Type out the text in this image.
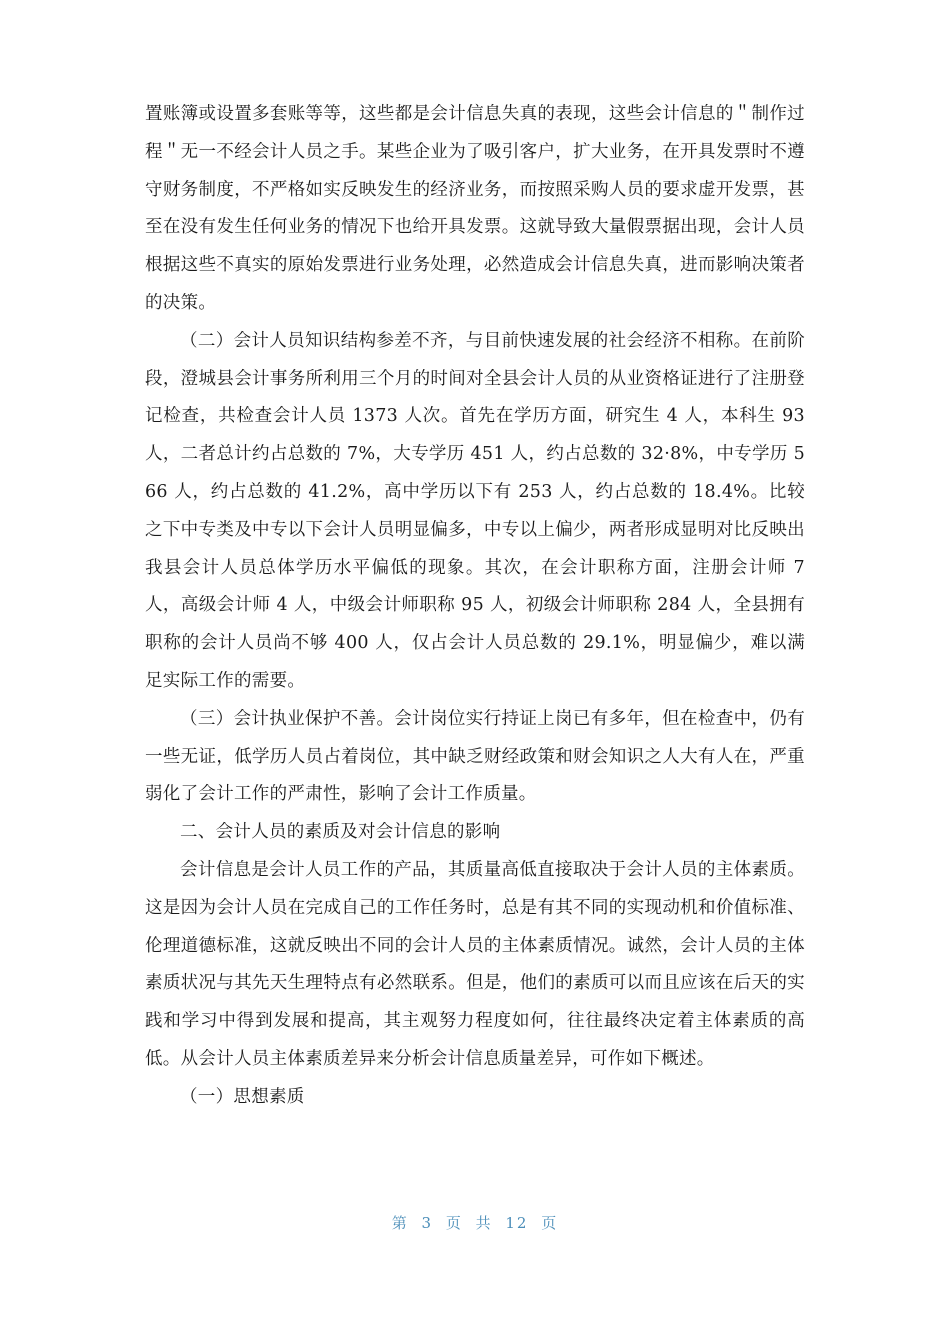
置账簿或设置多套账等等，这些都是会计信息失真的表现，这些会计信息的＂制作过程＂无一不经会计人员之手。某些企业为了吸引客户，扩大业务，在开具发票时不遵守财务制度，不严格如实反映发生的经济业务，而按照采购人员的要求虚开发票，甚至在没有发生任何业务的情况下也给开具发票。这就导致大量假票据出现，会计人员根据这些不真实的原始发票进行业务处理，必然造成会计信息失真，进而影响决策者的决策。

（二）会计人员知识结构参差不齐，与目前快速发展的社会经济不相称。在前阶段，澄城县会计事务所利用三个月的时间对全县会计人员的从业资格证进行了注册登记检查，共检查会计人员 1373 人次。首先在学历方面，研究生 4 人，本科生 93 人，二者总计约占总数的 7%，大专学历 451 人，约占总数的 32·8%，中专学历 566 人，约占总数的 41.2%，高中学历以下有 253 人，约占总数的 18.4%。比较之下中专类及中专以下会计人员明显偏多，中专以上偏少，两者形成显明对比反映出我县会计人员总体学历水平偏低的现象。其次，在会计职称方面，注册会计师 7 人，高级会计师 4 人，中级会计师职称 95 人，初级会计师职称 284 人，全县拥有职称的会计人员尚不够 400 人，仅占会计人员总数的 29.1%，明显偏少，难以满足实际工作的需要。

（三）会计执业保护不善。会计岗位实行持证上岗已有多年，但在检查中，仍有一些无证，低学历人员占着岗位，其中缺乏财经政策和财会知识之人大有人在，严重弱化了会计工作的严肃性，影响了会计工作质量。

二、会计人员的素质及对会计信息的影响

会计信息是会计人员工作的产品，其质量高低直接取决于会计人员的主体素质。这是因为会计人员在完成自己的工作任务时，总是有其不同的实现动机和价值标准、伦理道德标准，这就反映出不同的会计人员的主体素质情况。诚然，会计人员的主体素质状况与其先天生理特点有必然联系。但是，他们的素质可以而且应该在后天的实践和学习中得到发展和提高，其主观努力程度如何，往往最终决定着主体素质的高低。从会计人员主体素质差异来分析会计信息质量差异，可作如下概述。

（一）思想素质

第 3 页 共 12 页
